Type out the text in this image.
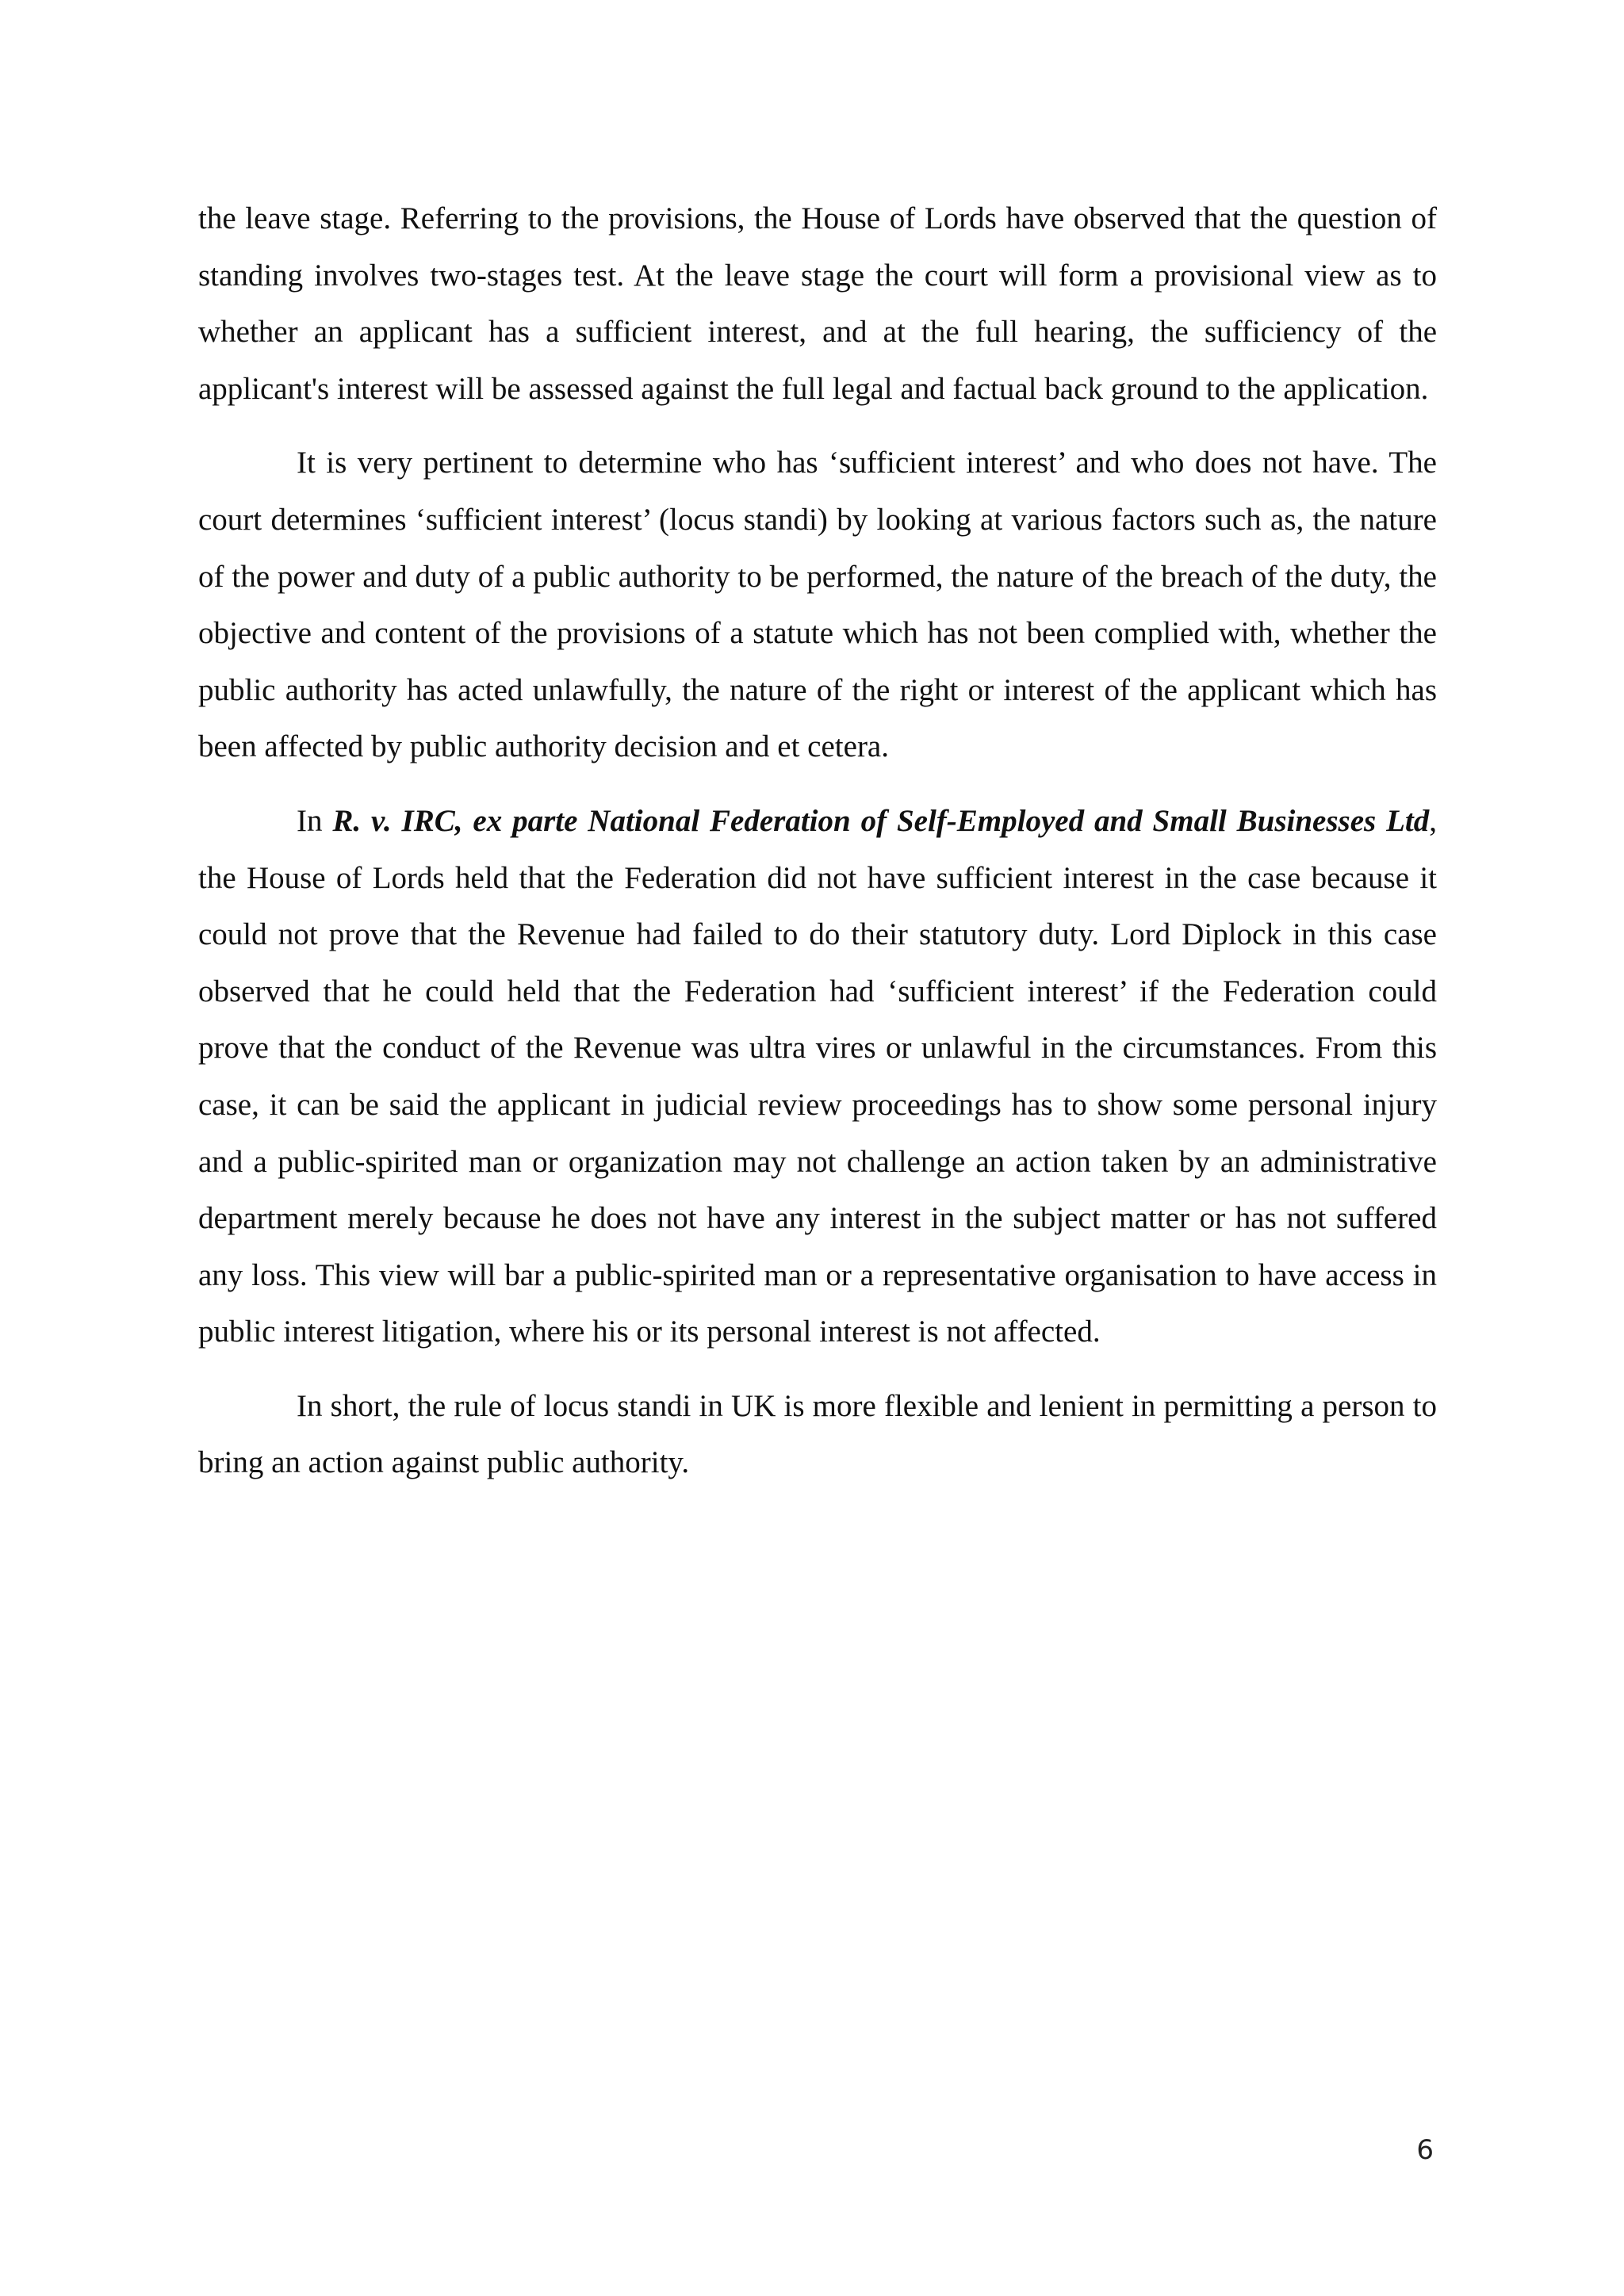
the leave stage. Referring to the provisions, the House of Lords have observed that the question of standing involves two-stages test. At the leave stage the court will form a provisional view as to whether an applicant has a sufficient interest, and at the full hearing, the sufficiency of the applicant's interest will be assessed against the full legal and factual back ground to the application.

It is very pertinent to determine who has ‘sufficient interest’ and who does not have. The court determines ‘sufficient interest’ (locus standi) by looking at various factors such as, the nature of the power and duty of a public authority to be performed, the nature of the breach of the duty, the objective and content of the provisions of a statute which has not been complied with, whether the public authority has acted unlawfully, the nature of the right or interest of the applicant which has been affected by public authority decision and et cetera.

In R. v. IRC, ex parte National Federation of Self-Employed and Small Businesses Ltd, the House of Lords held that the Federation did not have sufficient interest in the case because it could not prove that the Revenue had failed to do their statutory duty. Lord Diplock in this case observed that he could held that the Federation had ‘sufficient interest’ if the Federation could prove that the conduct of the Revenue was ultra vires or unlawful in the circumstances. From this case, it can be said the applicant in judicial review proceedings has to show some personal injury and a public-spirited man or organization may not challenge an action taken by an administrative department merely because he does not have any interest in the subject matter or has not suffered any loss. This view will bar a public-spirited man or a representative organisation to have access in public interest litigation, where his or its personal interest is not affected.

In short, the rule of locus standi in UK is more flexible and lenient in permitting a person to bring an action against public authority.

6
